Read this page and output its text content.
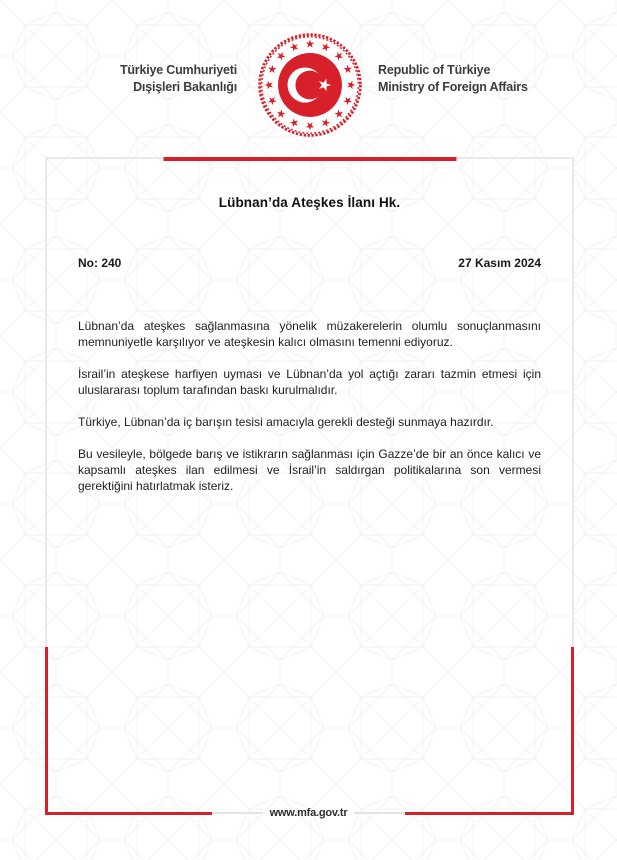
Türkiye Cumhuriyeti
Dışişleri Bakanlığı
Republic of Türkiye
Ministry of Foreign Affairs
Lübnan’da Ateşkes İlanı Hk.
No: 240	27 Kasım 2024

Lübnan’da ateşkes sağlanmasına yönelik müzakerelerin olumlu sonuçlanmasını memnuniyetle karşılıyor ve ateşkesin kalıcı olmasını temenni ediyoruz.

İsrail’in ateşkese harfiyen uyması ve Lübnan’da yol açtığı zararı tazmin etmesi için uluslararası toplum tarafından baskı kurulmalıdır.

Türkiye, Lübnan’da iç barışın tesisi amacıyla gerekli desteği sunmaya hazırdır.

Bu vesileyle, bölgede barış ve istikrarın sağlanması için Gazze’de bir an önce kalıcı ve kapsamlı ateşkes ilan edilmesi ve İsrail’in saldırgan politikalarına son vermesi gerektiğini hatırlatmak isteriz.

www.mfa.gov.tr
